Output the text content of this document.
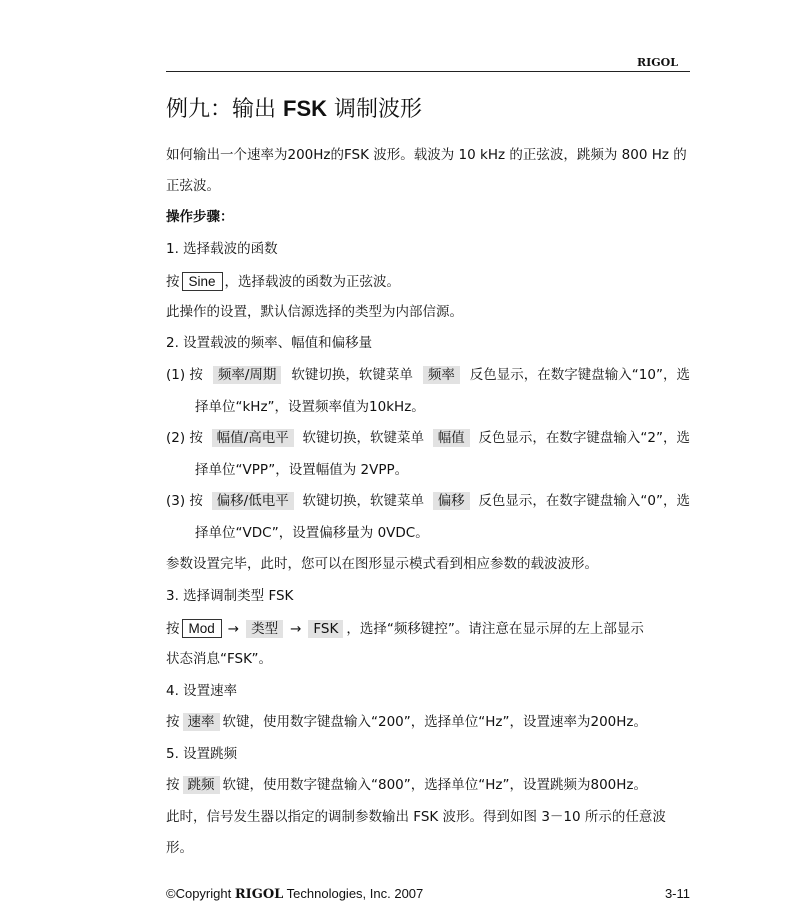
RIGOL
例九：输出 FSK 调制波形
如何输出一个速率为200Hz的FSK 波形。载波为 10 kHz 的正弦波，跳频为 800 Hz 的
正弦波。
操作步骤：
1. 选择载波的函数
按 Sine ，选择载波的函数为正弦波。
此操作的设置，默认信源选择的类型为内部信源。
2. 设置载波的频率、幅值和偏移量
(1) 按	频率/周期	软键切换，软键菜单	频率	反色显示，在数字键盘输入“10”，选
择单位“kHz”，设置频率值为10kHz。
(2) 按	幅值/高电平	软键切换，软键菜单	幅值	反色显示，在数字键盘输入“2”，选
择单位“VPP”，设置幅值为 2VPP。
(3) 按	偏移/低电平	软键切换，软键菜单	偏移	反色显示，在数字键盘输入“0”，选
择单位“VDC”，设置偏移量为 0VDC。
参数设置完毕，此时，您可以在图形显示模式看到相应参数的载波波形。
3. 选择调制类型 FSK
按 Mod → 类型 → FSK ，选择“频移键控”。请注意在显示屏的左上部显示
状态消息“FSK”。
4. 设置速率
按 速率 软键，使用数字键盘输入“200”，选择单位“Hz”，设置速率为200Hz。
5. 设置跳频
按 跳频 软键，使用数字键盘输入“800”，选择单位“Hz”，设置跳频为800Hz。
此时，信号发生器以指定的调制参数输出 FSK 波形。得到如图 3－10 所示的任意波
形。
©Copyright RIGOL Technologies, Inc. 2007	3-11
